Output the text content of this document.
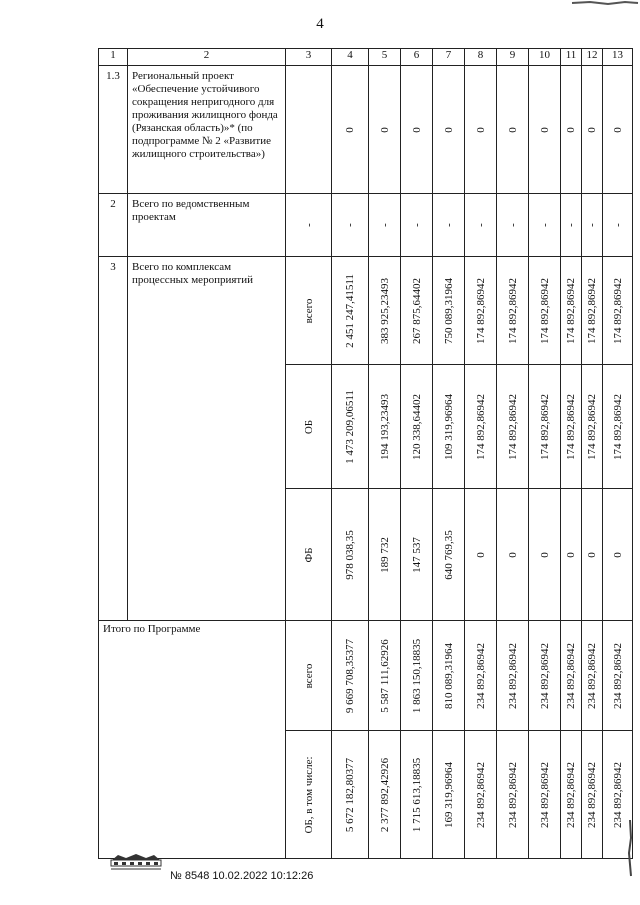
4
1	2	3	4	5	6	7	8	9	10	11	12	13
1.3	Региональный проект «Обеспечение устойчивого сокращения непригодного для проживания жилищного фонда (Рязанская область)»* (по подпрограмме № 2 «Развитие жилищного строительства»)		0	0	0	0	0	0	0	0	0	0

2	Всего по ведомственным проектам	-	-	-	-	-	-	-	-	-	-	-

3	Всего по комплексам процессных мероприятий	всего	2 451 247,41511	383 925,23493	267 875,64402	750 089,31964	174 892,86942	174 892,86942	174 892,86942	174 892,86942	174 892,86942	174 892,86942

		ОБ	1 473 209,06511	194 193,23493	120 338,64402	109 319,96964	174 892,86942	174 892,86942	174 892,86942	174 892,86942	174 892,86942	174 892,86942

		ФБ	978 038,35	189 732	147 537	640 769,35	0	0	0	0	0	0

Итого по Программе		всего	9 669 708,35377	5 587 111,62926	1 863 150,18835	810 089,31964	234 892,86942	234 892,86942	234 892,86942	234 892,86942	234 892,86942	234 892,86942

		ОБ, в том числе:	5 672 182,80377	2 377 892,42926	1 715 613,18835	169 319,96964	234 892,86942	234 892,86942	234 892,86942	234 892,86942	234 892,86942	234 892,86942
№ 8548 10.02.2022 10:12:26
